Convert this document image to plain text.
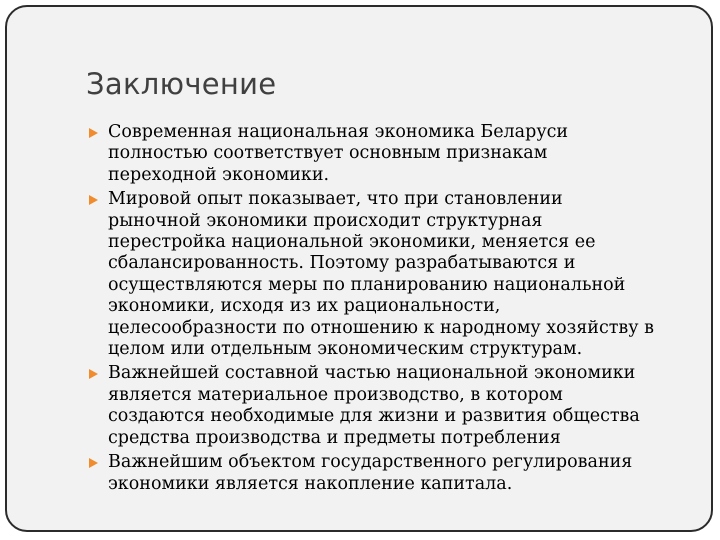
Заключение
Современная национальная экономика Беларуси
полностью соответствует основным признакам
переходной экономики.
Мировой опыт показывает, что при становлении
рыночной экономики происходит структурная
перестройка национальной экономики, меняется ее
сбалансированность. Поэтому разрабатываются и
осуществляются меры по планированию национальной
экономики, исходя из их рациональности,
целесообразности по отношению к народному хозяйству в
целом или отдельным экономическим структурам.
Важнейшей составной частью национальной экономики
является материальное производство, в котором
создаются необходимые для жизни и развития общества
средства производства и предметы потребления
Важнейшим объектом государственного регулирования
экономики является накопление капитала.
